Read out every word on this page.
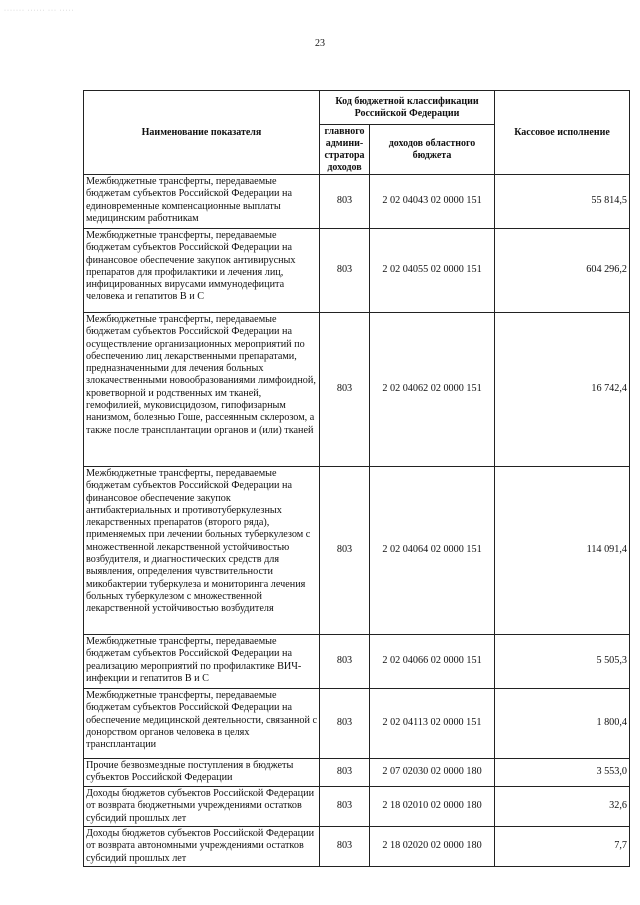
······· ······ ··· ·····
23
Наименование показателя	Код бюджетной классификации Российской Федерации		Кассовое исполнение
	главного админи-стратора доходов	доходов областного бюджета	
Межбюджетные трансферты, передаваемые бюджетам субъектов Российской Федерации на единовременные компенсационные выплаты медицинским работникам	803	2 02 04043 02 0000 151	55 814,5
Межбюджетные трансферты, передаваемые бюджетам субъектов Российской Федерации на финансовое обеспечение закупок антивирусных препаратов для профилактики и лечения лиц, инфицированных вирусами иммунодефицита человека и гепатитов B и C	803	2 02 04055 02 0000 151	604 296,2
Межбюджетные трансферты, передаваемые бюджетам субъектов Российской Федерации на осуществление организационных мероприятий по обеспечению лиц лекарственными препаратами, предназначенными для лечения больных злокачественными новообразованиями лимфоидной, кроветворной и родственных им тканей, гемофилией, муковисцидозом, гипофизарным нанизмом, болезнью Гоше, рассеянным склерозом, а также после трансплантации органов и (или) тканей	803	2 02 04062 02 0000 151	16 742,4
Межбюджетные трансферты, передаваемые бюджетам субъектов Российской Федерации на финансовое обеспечение закупок антибактериальных и противотуберкулезных лекарственных препаратов (второго ряда), применяемых при лечении больных туберкулезом с множественной лекарственной устойчивостью возбудителя, и диагностических средств для выявления, определения чувствительности микобактерии туберкулеза и мониторинга лечения больных туберкулезом с множественной лекарственной устойчивостью возбудителя	803	2 02 04064 02 0000 151	114 091,4
Межбюджетные трансферты, передаваемые бюджетам субъектов Российской Федерации на реализацию мероприятий по профилактике ВИЧ-инфекции и гепатитов B и C	803	2 02 04066 02 0000 151	5 505,3
Межбюджетные трансферты, передаваемые бюджетам субъектов Российской Федерации на обеспечение медицинской деятельности, связанной с донорством органов человека в целях трансплантации	803	2 02 04113 02 0000 151	1 800,4
Прочие безвозмездные поступления в бюджеты субъектов Российской Федерации	803	2 07 02030 02 0000 180	3 553,0
Доходы бюджетов субъектов Российской Федерации от возврата бюджетными учреждениями остатков субсидий прошлых лет	803	2 18 02010 02 0000 180	32,6
Доходы бюджетов субъектов Российской Федерации от возврата автономными учреждениями остатков субсидий прошлых лет	803	2 18 02020 02 0000 180	7,7
